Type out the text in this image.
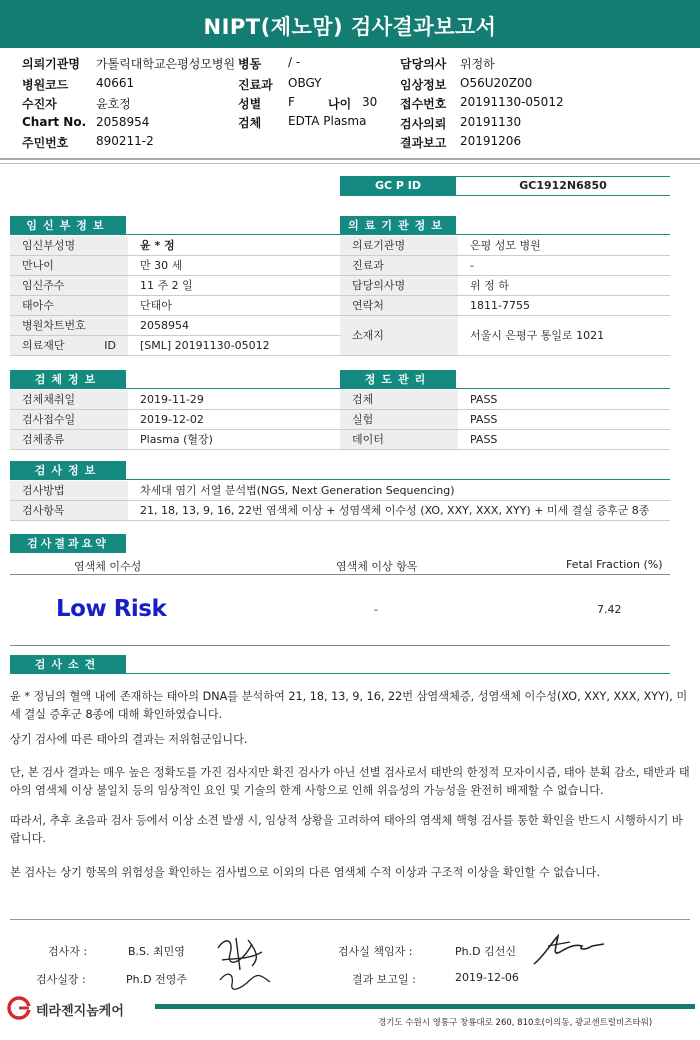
NIPT(제노맘) 검사결과보고서
의뢰기관명 가톨릭대학교은평성모병원 병동 / -	담당의사 위정하
병원코드 40661	진료과 OBGY	임상정보 O56U20Z00
수진자	윤호정	성별 F	나이 30 접수번호 20191130-05012
Chart No. 2058954	검체 EDTA Plasma	검사의뢰 20191130
주민번호 890211-2	결과보고 20191206
GC P ID	GC1912N6850
임신부정보	의료기관정보
검체정보	정도관리
검사정보
검사결과요약
염색체 이수성	염색체 이상 항목	Fetal Fraction (%)
Low Risk	-	7.42
검사소견
윤 * 정님의 혈액 내에 존재하는 태아의 DNA를 분석하여 21, 18, 13, 9, 16, 22번 삼염색체증, 성염색체 이수성(XO, XXY, XXX, XYY), 미세 결실 증후군 8종에 대해 확인하였습니다.
상기 검사에 따른 태아의 결과는 저위험군입니다.
단, 본 검사 결과는 매우 높은 정확도를 가진 검사지만 확진 검사가 아닌 선별 검사로서 태반의 한정적 모자이시즘, 태아 분획 감소, 태반과 태아의 염색체 이상 불일치 등의 임상적인 요인 및 기술의 한계 사항으로 인해 위음성의 가능성을 완전히 배제할 수 없습니다.
따라서, 추후 초음파 검사 등에서 이상 소견 발생 시, 임상적 상황을 고려하여 태아의 염색체 핵형 검사를 통한 확인을 반드시 시행하시기 바랍니다.
본 검사는 상기 항목의 위험성을 확인하는 검사법으로 이외의 다른 염색체 수적 이상과 구조적 이상을 확인할 수 없습니다.
검사자 :	B.S. 최민영	검사실 책임자 :	Ph.D 김선신
검사실장 :	Ph.D 전영주	결과 보고일 :	2019-12-06
테라젠지놈케어
경기도 수원시 영통구 창룡대로 260, 810호(이의동, 광교센트럴비즈타워)
임신부성명	윤 * 정
만나이	만 30 세
임신주수	11 주 2 일
태아수	단태아
병원차트번호	2058954
의료재단 ID	[SML] 20191130-05012
의료기관명	은평 성모 병원
진료과	-
담당의사명	위 정 하
연락처	1811-7755
소재지	서울시 은평구 통일로 1021
검체채취일	2019-11-29
검사접수일	2019-12-02
검체종류	Plasma (혈장)
검체	PASS
실험	PASS
데이터	PASS
검사방법	차세대 염기 서열 분석법(NGS, Next Generation Sequencing)
검사항목	21, 18, 13, 9, 16, 22번 염색체 이상 + 성염색체 이수성 (XO, XXY, XXX, XYY) + 미세 결실 증후군 8종
